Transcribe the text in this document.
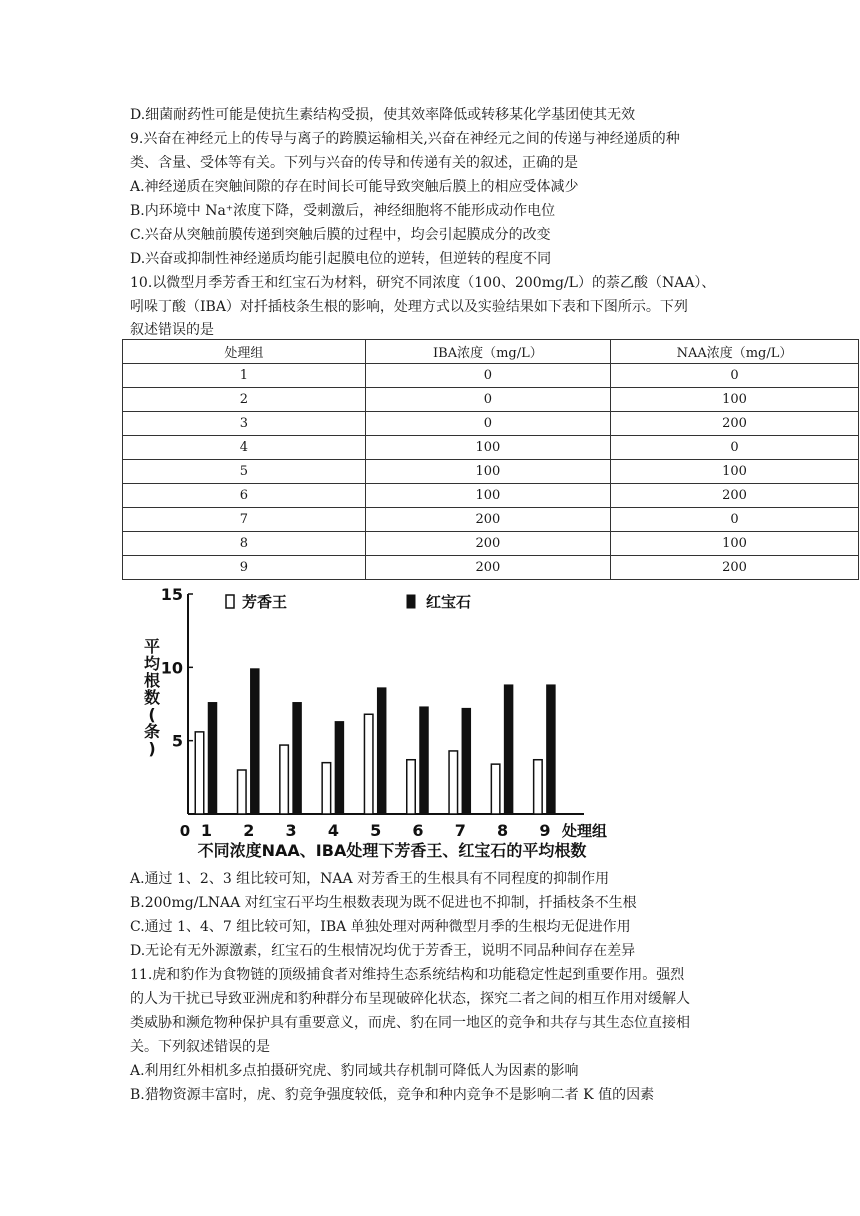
D.细菌耐药性可能是使抗生素结构受损，使其效率降低或转移某化学基团使其无效
9.兴奋在神经元上的传导与离子的跨膜运输相关,兴奋在神经元之间的传递与神经递质的种
类、含量、受体等有关。下列与兴奋的传导和传递有关的叙述，正确的是
A.神经递质在突触间隙的存在时间长可能导致突触后膜上的相应受体减少
B.内环境中 Na⁺浓度下降，受刺激后，神经细胞将不能形成动作电位
C.兴奋从突触前膜传递到突触后膜的过程中，均会引起膜成分的改变
D.兴奋或抑制性神经递质均能引起膜电位的逆转，但逆转的程度不同
10.以微型月季芳香王和红宝石为材料，研究不同浓度（100、200mg/L）的萘乙酸（NAA）、
吲哚丁酸（IBA）对扦插枝条生根的影响，处理方式以及实验结果如下表和下图所示。下列
叙述错误的是
处理组	IBA浓度（mg/L）	NAA浓度（mg/L）
1	0	0
2	0	100
3	0	200
4	100	0
5	100	100
6	100	200
7	200	0
8	200	100
9	200	200
5
10
15
平
均
根
数
(
条
)
0 1 2 3 4 5 6 7 8 9 处理组
芳香王	红宝石
不同浓度NAA、IBA处理下芳香王、红宝石的平均根数
A.通过 1、2、3 组比较可知，NAA 对芳香王的生根具有不同程度的抑制作用
B.200mg/LNAA 对红宝石平均生根数表现为既不促进也不抑制，扦插枝条不生根
C.通过 1、4、7 组比较可知，IBA 单独处理对两种微型月季的生根均无促进作用
D.无论有无外源激素，红宝石的生根情况均优于芳香王，说明不同品种间存在差异
11.虎和豹作为食物链的顶级捕食者对维持生态系统结构和功能稳定性起到重要作用。强烈
的人为干扰已导致亚洲虎和豹种群分布呈现破碎化状态，探究二者之间的相互作用对缓解人
类威胁和濒危物种保护具有重要意义，而虎、豹在同一地区的竞争和共存与其生态位直接相
关。下列叙述错误的是
A.利用红外相机多点拍摄研究虎、豹同域共存机制可降低人为因素的影响
B.猎物资源丰富时，虎、豹竞争强度较低，竞争和种内竞争不是影响二者 K 值的因素
